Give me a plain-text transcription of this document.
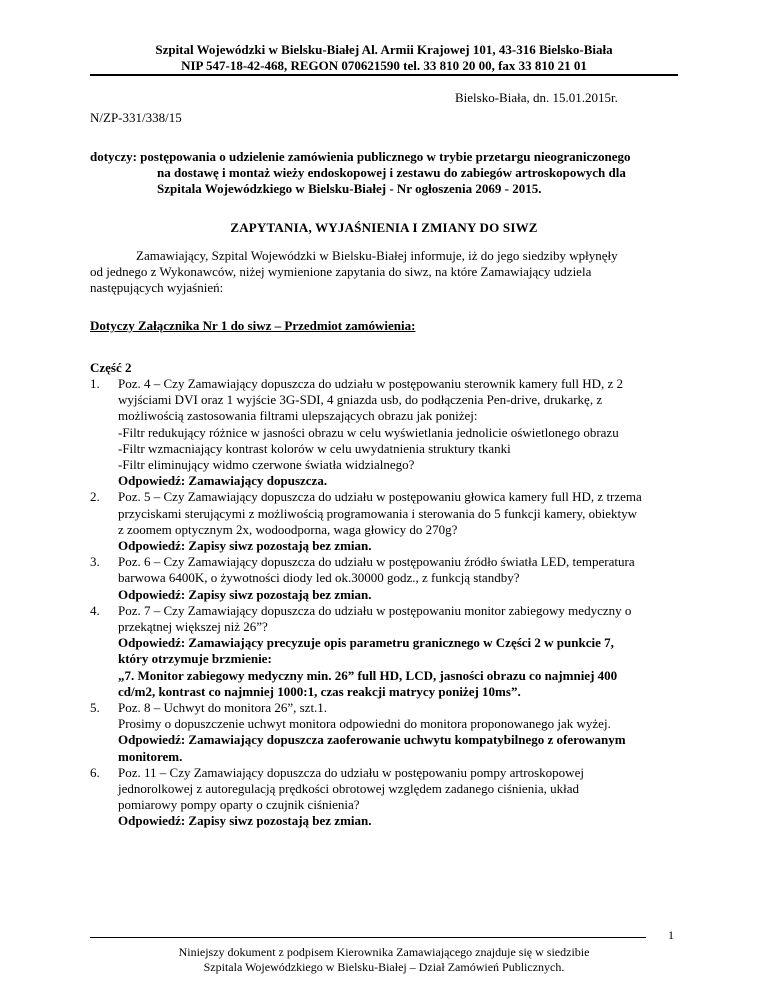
Szpital Wojewódzki w Bielsku-Białej Al. Armii Krajowej 101, 43-316 Bielsko-Biała
NIP 547-18-42-468, REGON 070621590 tel. 33 810 20 00, fax 33 810 21 01
Bielsko-Biała, dn. 15.01.2015r.
N/ZP-331/338/15
dotyczy: postępowania o udzielenie zamówienia publicznego w trybie przetargu nieograniczonego
na dostawę i montaż wieży endoskopowej i zestawu do zabiegów artroskopowych dla
Szpitala Wojewódzkiego w Bielsku-Białej - Nr ogłoszenia 2069 - 2015.
ZAPYTANIA, WYJAŚNIENIA I ZMIANY DO SIWZ
Zamawiający, Szpital Wojewódzki w Bielsku-Białej informuje, iż do jego siedziby wpłynęły
od jednego z Wykonawców, niżej wymienione zapytania do siwz, na które Zamawiający udziela
następujących wyjaśnień:
Dotyczy Załącznika Nr 1 do siwz – Przedmiot zamówienia:
Część 2
1. Poz. 4 – Czy Zamawiający dopuszcza do udziału w postępowaniu sterownik kamery full HD, z 2
wyjściami DVI oraz 1 wyjście 3G-SDI, 4 gniazda usb, do podłączenia Pen-drive, drukarkę, z
możliwością zastosowania filtrami ulepszających obrazu jak poniżej:
-Filtr redukujący różnice w jasności obrazu w celu wyświetlania jednolicie oświetlonego obrazu
-Filtr wzmacniający kontrast kolorów w celu uwydatnienia struktury tkanki
-Filtr eliminujący widmo czerwone światła widzialnego?
Odpowiedź: Zamawiający dopuszcza.
2. Poz. 5 – Czy Zamawiający dopuszcza do udziału w postępowaniu głowica kamery full HD, z trzema
przyciskami sterującymi z możliwością programowania i sterowania do 5 funkcji kamery, obiektyw
z zoomem optycznym 2x, wodoodporna, waga głowicy do 270g?
Odpowiedź: Zapisy siwz pozostają bez zmian.
3. Poz. 6 – Czy Zamawiający dopuszcza do udziału w postępowaniu źródło światła LED, temperatura
barwowa 6400K, o żywotności diody led ok.30000 godz., z funkcją standby?
Odpowiedź: Zapisy siwz pozostają bez zmian.
4. Poz. 7 – Czy Zamawiający dopuszcza do udziału w postępowaniu monitor zabiegowy medyczny o
przekątnej większej niż 26”?
Odpowiedź: Zamawiający precyzuje opis parametru granicznego w Części 2 w punkcie 7,
który otrzymuje brzmienie:
„7. Monitor zabiegowy medyczny min. 26” full HD, LCD, jasności obrazu co najmniej 400
cd/m2, kontrast co najmniej 1000:1, czas reakcji matrycy poniżej 10ms”.
5. Poz. 8 – Uchwyt do monitora 26”, szt.1.
Prosimy o dopuszczenie uchwyt monitora odpowiedni do monitora proponowanego jak wyżej.
Odpowiedź: Zamawiający dopuszcza zaoferowanie uchwytu kompatybilnego z oferowanym
monitorem.
6. Poz. 11 – Czy Zamawiający dopuszcza do udziału w postępowaniu pompy artroskopowej
jednorolkowej z autoregulacją prędkości obrotowej względem zadanego ciśnienia, układ
pomiarowy pompy oparty o czujnik ciśnienia?
Odpowiedź: Zapisy siwz pozostają bez zmian.
1
Niniejszy dokument z podpisem Kierownika Zamawiającego znajduje się w siedzibie
Szpitala Wojewódzkiego w Bielsku-Białej – Dział Zamówień Publicznych.
